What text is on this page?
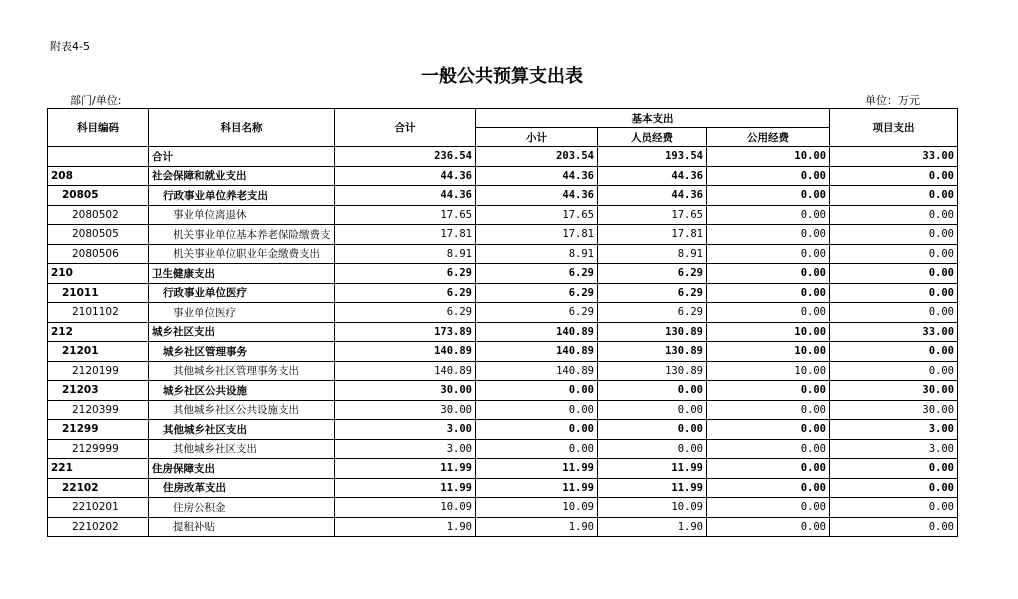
附表4-5
一般公共预算支出表
部门/单位:	单位：万元
科目编码	科目名称	合计	基本支出			项目支出
			小计	人员经费	公用经费	
	合计	236.54	203.54	193.54	10.00	33.00
208	社会保障和就业支出	44.36	44.36	44.36	0.00	0.00
20805	行政事业单位养老支出	44.36	44.36	44.36	0.00	0.00
2080502	事业单位离退休	17.65	17.65	17.65	0.00	0.00
2080505	机关事业单位基本养老保险缴费支	17.81	17.81	17.81	0.00	0.00
2080506	机关事业单位职业年金缴费支出	8.91	8.91	8.91	0.00	0.00
210	卫生健康支出	6.29	6.29	6.29	0.00	0.00
21011	行政事业单位医疗	6.29	6.29	6.29	0.00	0.00
2101102	事业单位医疗	6.29	6.29	6.29	0.00	0.00
212	城乡社区支出	173.89	140.89	130.89	10.00	33.00
21201	城乡社区管理事务	140.89	140.89	130.89	10.00	0.00
2120199	其他城乡社区管理事务支出	140.89	140.89	130.89	10.00	0.00
21203	城乡社区公共设施	30.00	0.00	0.00	0.00	30.00
2120399	其他城乡社区公共设施支出	30.00	0.00	0.00	0.00	30.00
21299	其他城乡社区支出	3.00	0.00	0.00	0.00	3.00
2129999	其他城乡社区支出	3.00	0.00	0.00	0.00	3.00
221	住房保障支出	11.99	11.99	11.99	0.00	0.00
22102	住房改革支出	11.99	11.99	11.99	0.00	0.00
2210201	住房公积金	10.09	10.09	10.09	0.00	0.00
2210202	提租补贴	1.90	1.90	1.90	0.00	0.00
